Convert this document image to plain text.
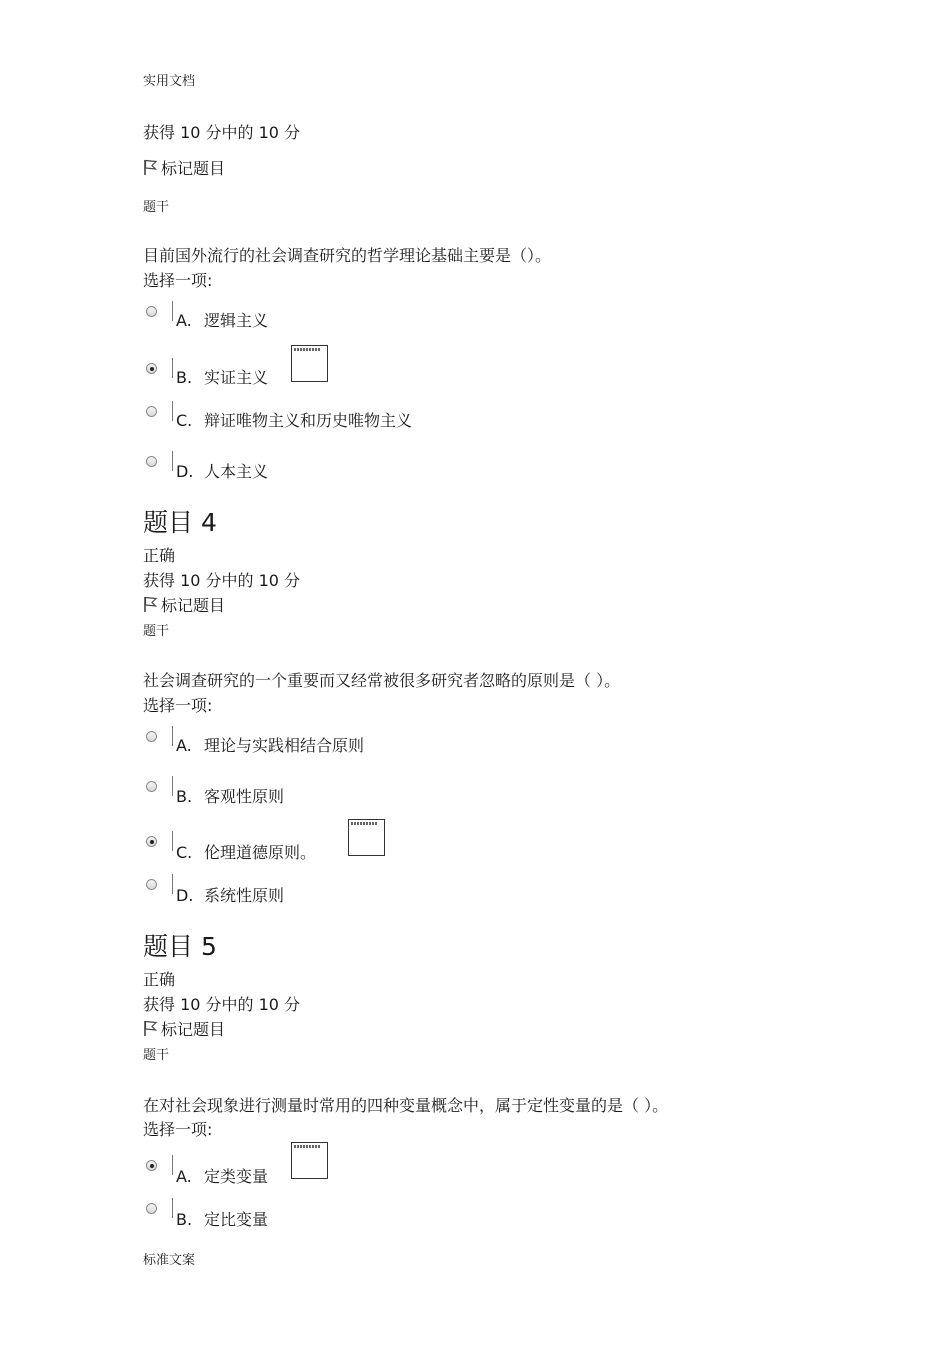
实用文档
获得 10 分中的 10 分
标记题目
题干
目前国外流行的社会调查研究的哲学理论基础主要是（）。
选择一项:
A. 逻辑主义
B. 实证主义
C. 辩证唯物主义和历史唯物主义
D. 人本主义
题目 4
正确
获得 10 分中的 10 分
标记题目
题干
社会调查研究的一个重要而又经常被很多研究者忽略的原则是（ ）。
选择一项:
A. 理论与实践相结合原则
B. 客观性原则
C. 伦理道德原则。
D. 系统性原则
题目 5
正确
获得 10 分中的 10 分
标记题目
题干
在对社会现象进行测量时常用的四种变量概念中，属于定性变量的是（ ）。
选择一项:
A. 定类变量
B. 定比变量
标准文案
